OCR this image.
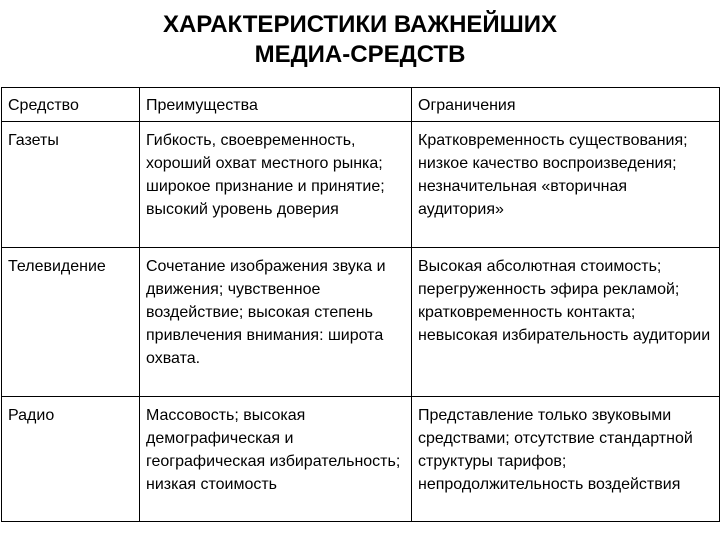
ХАРАКТЕРИСТИКИ ВАЖНЕЙШИХ
МЕДИА-СРЕДСТВ
Средство	Преимущества	Ограничения
Газеты	Гибкость, своевременность, хороший охват местного рынка; широкое признание и принятие; высокий уровень доверия	Кратковременность существования; низкое качество воспроизведения; незначительная «вторичная аудитория»
Телевидение	Сочетание изображения звука и движения; чувственное воздействие; высокая степень привлечения внимания: широта охвата.	Высокая абсолютная стоимость; перегруженность эфира рекламой; кратковременность контакта; невысокая избирательность аудитории
Радио	Массовость; высокая демографическая и географическая избирательность; низкая стоимость	Представление только звуковыми средствами; отсутствие стандартной структуры тарифов; непродолжительность воздействия
